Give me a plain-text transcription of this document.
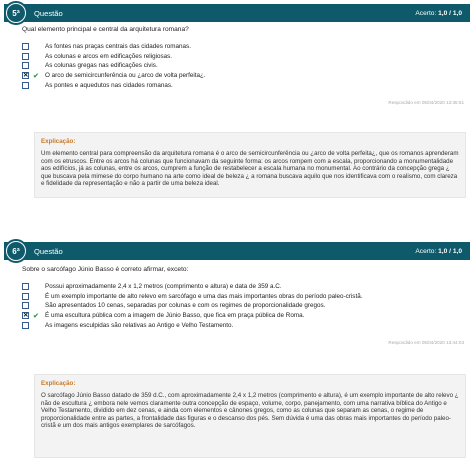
5ª	Questão	Acerto: 1,0 / 1,0
Qual elemento principal e central da arquitetura romana?
As fontes nas praças centrais das cidades romanas.
As colunas e arcos em edificações religiosas.
As colunas gregas nas edificações civis.
✕
✔ O arco de semicircunferência ou ¿arco de volta perfeita¿.
As pontes e aquedutos nas cidades romanas.
Respondido em 05/04/2020 13:35:51
Explicação:
Um elemento central para compreensão da arquitetura romana é o arco de semicircunferência ou ¿arco de volta perfeita¿, que os romanos aprenderam com os etruscos. Entre os arcos há colunas que funcionavam da seguinte forma: os arcos rompem com a escala, proporcionando a monumentalidade aos edifícios, já as colunas, entre os arcos, cumprem a função de restabelecer a escala humana no monumental. Ao contrário da concepção grega ¿ que buscava pela mimese do corpo humano na arte como ideal de beleza ¿ a romana buscava aquilo que nos identificava com o realismo, com clareza e fidelidade da representação e não a partir de uma beleza ideal.
6ª	Questão	Acerto: 1,0 / 1,0
Sobre o sarcófago Júnio Basso é correto afirmar, exceto:
Possui aproximadamente 2,4 x 1,2 metros (comprimento e altura) e data de 359 a.C.
É um exemplo importante de alto relevo em sarcófago e uma das mais importantes obras do período paleo-cristã.
São apresentados 10 cenas, separadas por colunas e com os regimes de proporcionalidade gregos.
✕
✔ É uma escultura pública com a imagem de Júnio Basso, que fica em praça pública de Roma.
As imagens esculpidas são relativas ao Antigo e Velho Testamento.
Respondido em 05/04/2020 13:44:03
Explicação:
O sarcófago Júnio Basso datado de 359 d.C., com aproximadamente 2,4 x 1,2 metros (comprimento e altura), é um exemplo importante de alto relevo ¿ não de escultura ¿ embora nele vemos claramente outra concepção de espaço, volume, corpo, panejamento, com uma narrativa bíblica do Antigo e Velho Testamento, dividido em dez cenas, e ainda com elementos e cânones gregos, como as colunas que separam as cenas, o regime de proporcionalidade entre as partes, a frontalidade das figuras e o descanso dos pés. Sem dúvida é uma das obras mais importantes do período paleo-cristã e um dos mais antigos exemplares de sarcófagos.
